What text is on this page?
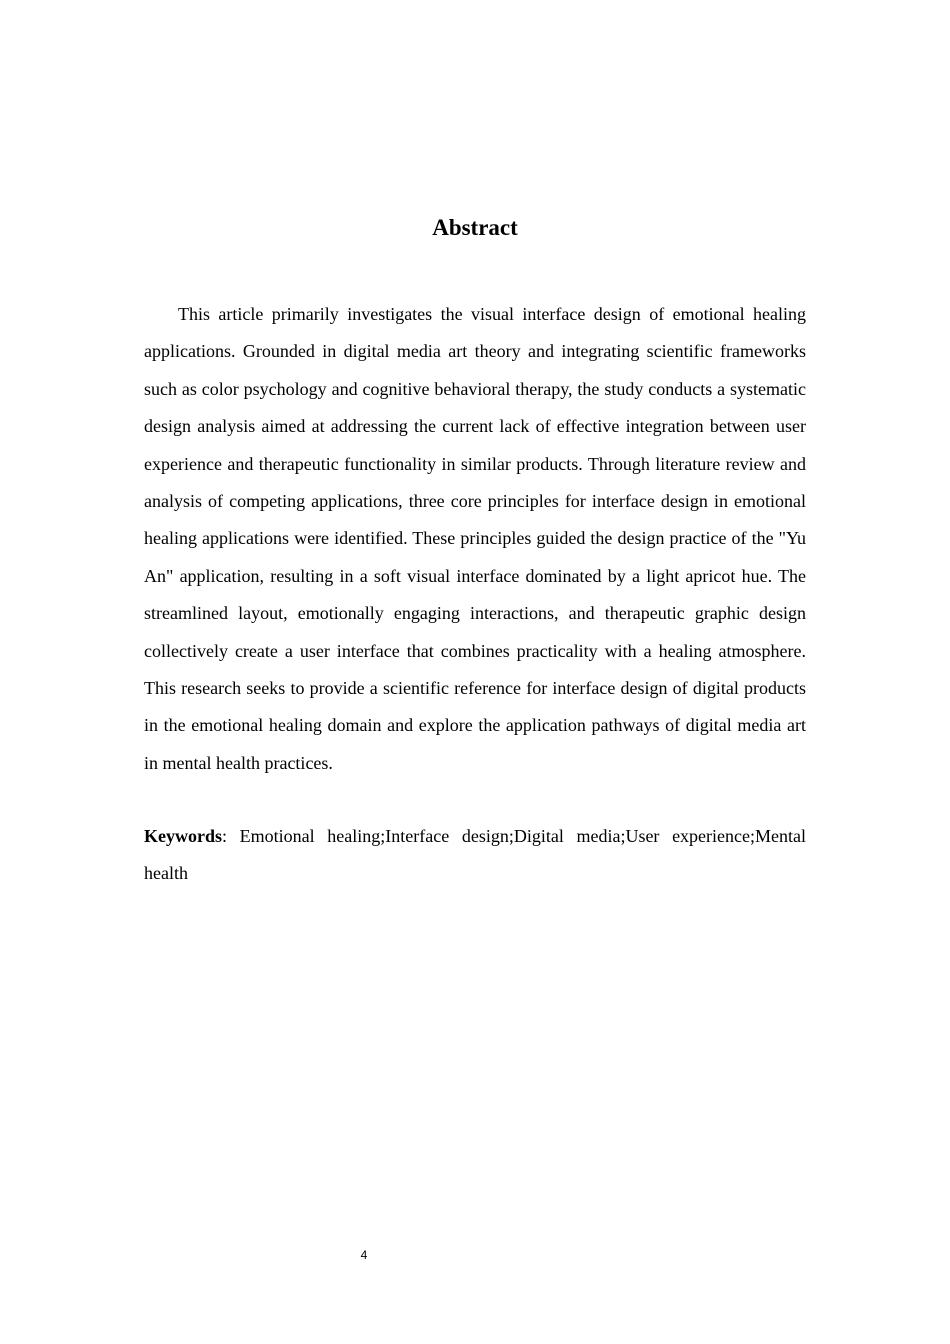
Abstract

This article primarily investigates the visual interface design of emotional healing applications. Grounded in digital media art theory and integrating scientific frameworks such as color psychology and cognitive behavioral therapy, the study conducts a systematic design analysis aimed at addressing the current lack of effective integration between user experience and therapeutic functionality in similar products. Through literature review and analysis of competing applications, three core principles for interface design in emotional healing applications were identified. These principles guided the design practice of the "Yu An" application, resulting in a soft visual interface dominated by a light apricot hue. The streamlined layout, emotionally engaging interactions, and therapeutic graphic design collectively create a user interface that combines practicality with a healing atmosphere. This research seeks to provide a scientific reference for interface design of digital products in the emotional healing domain and explore the application pathways of digital media art in mental health practices.

Keywords: Emotional healing;Interface design;Digital media;User experience;Mental health

4
